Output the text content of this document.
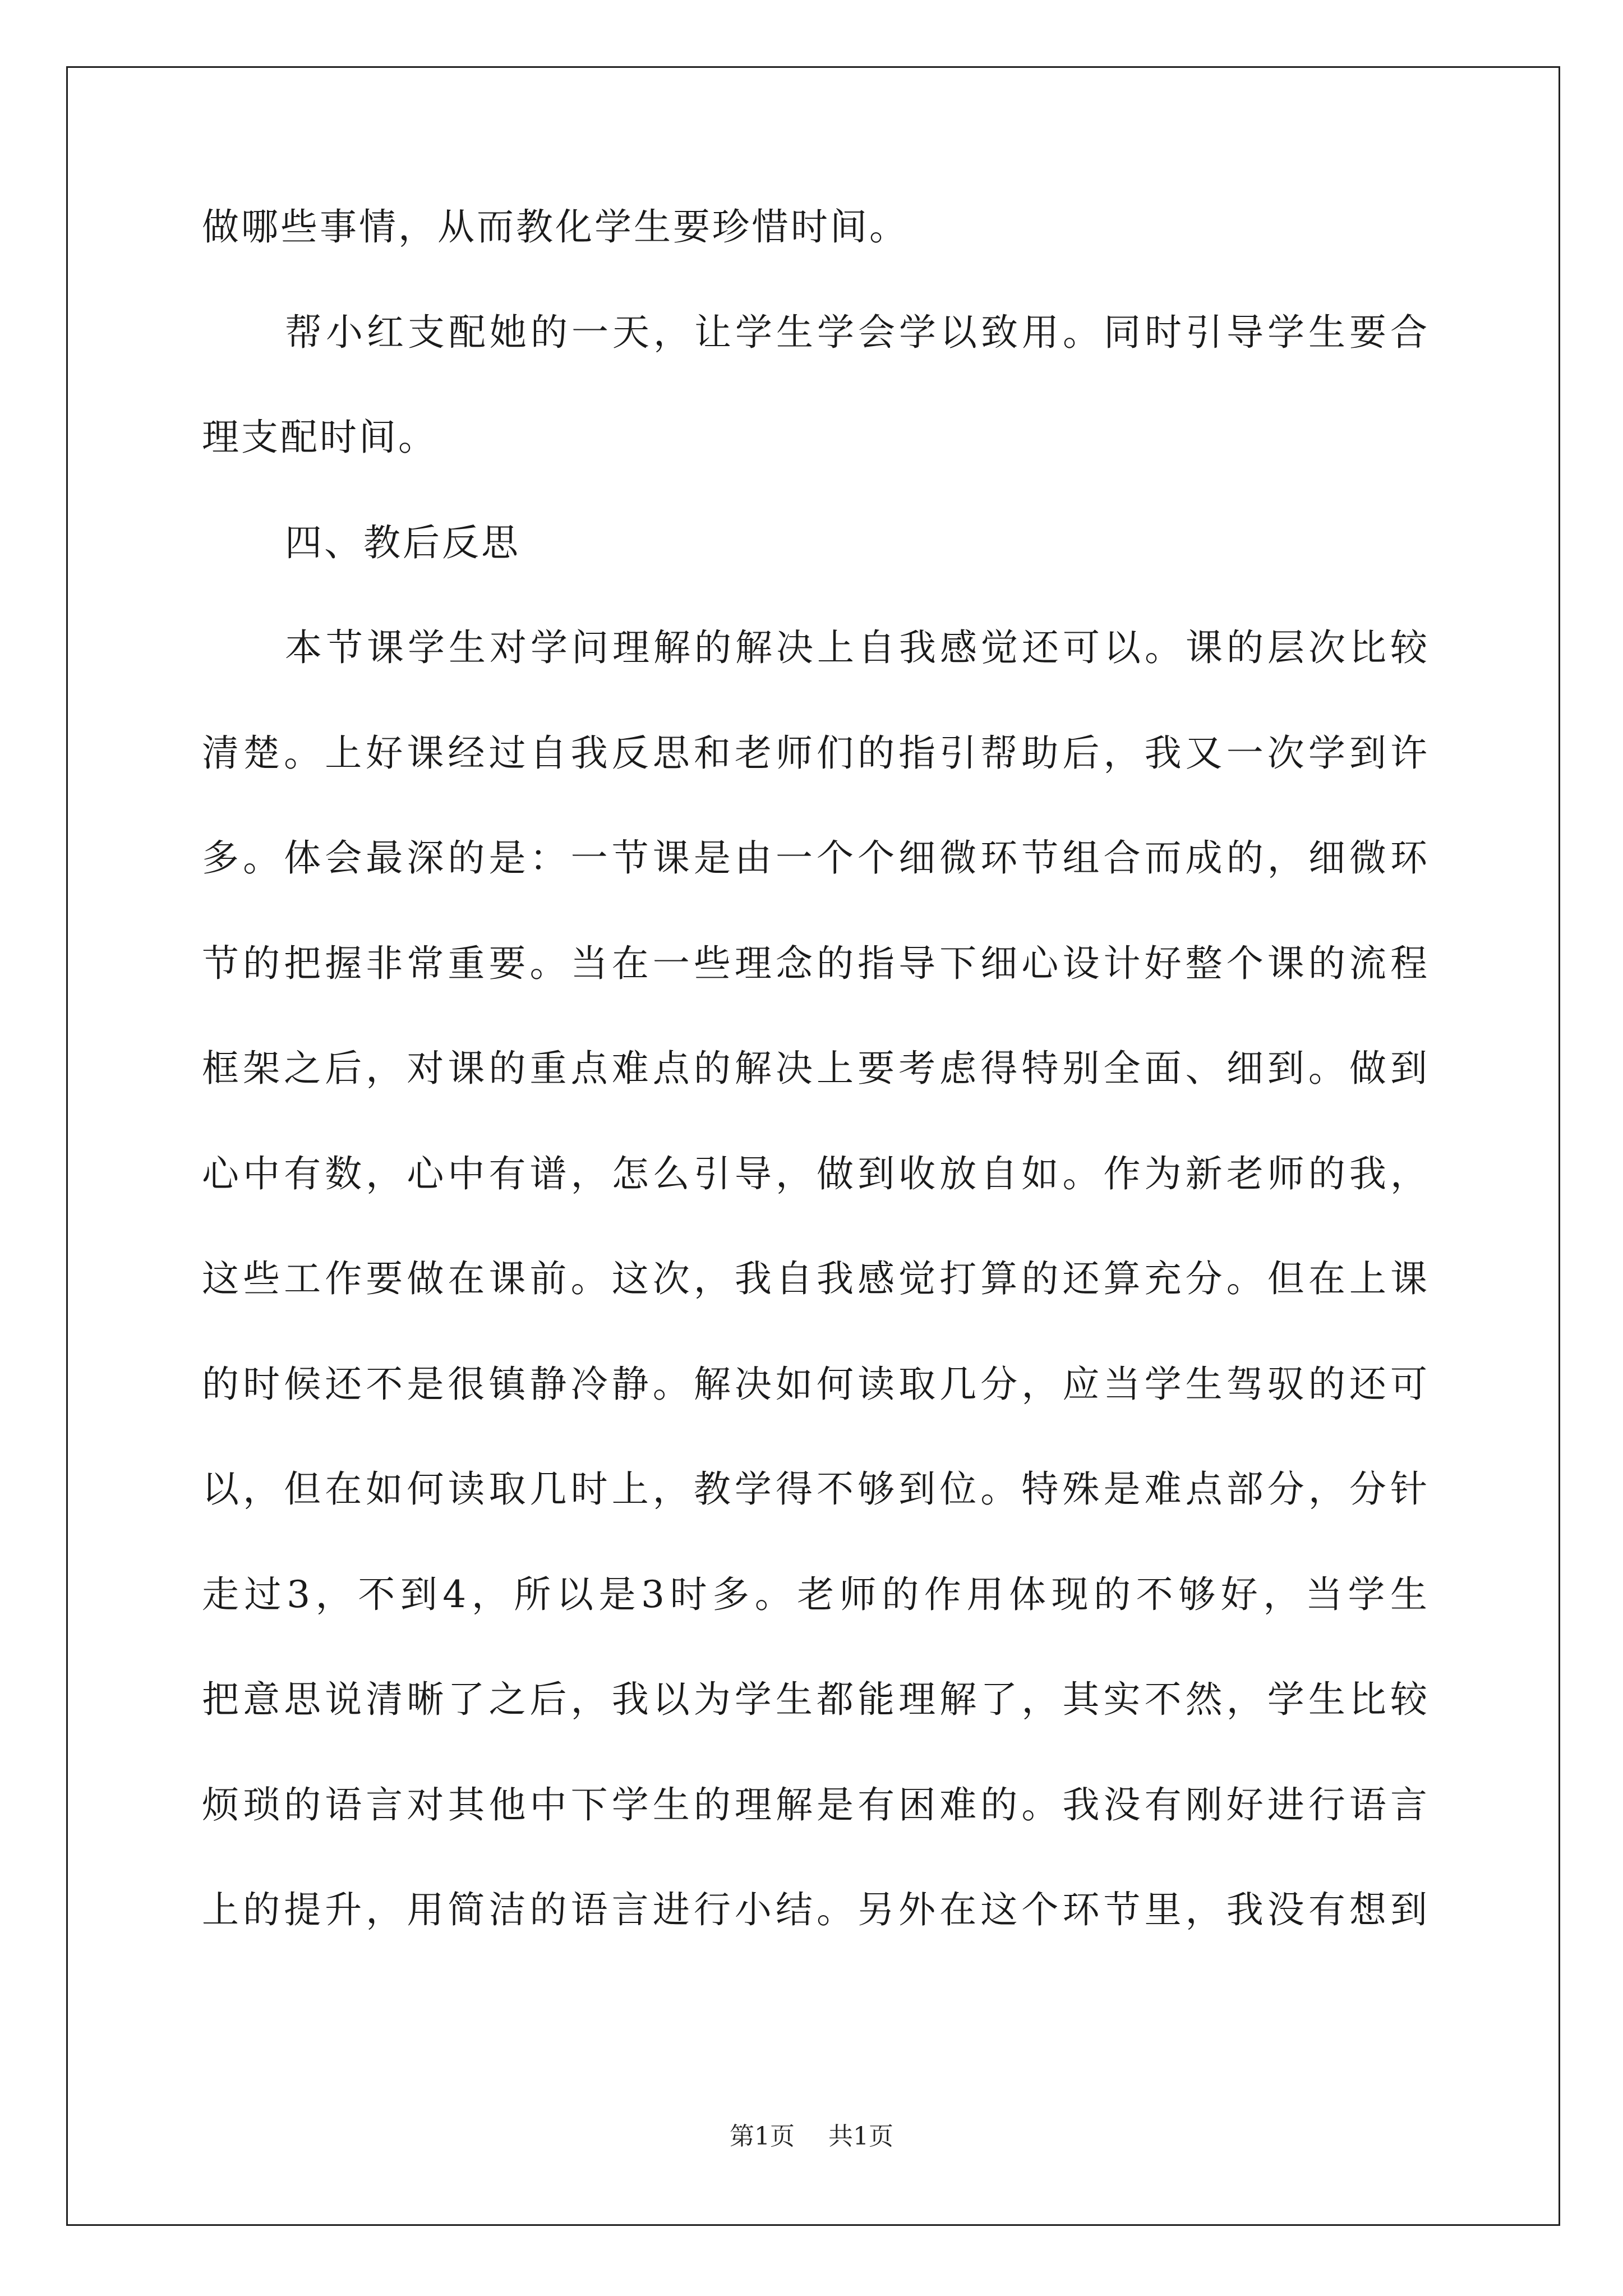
做哪些事情，从而教化学生要珍惜时间。
帮小红支配她的一天，让学生学会学以致用。同时引导学生要合
理支配时间。
四、教后反思
本节课学生对学问理解的解决上自我感觉还可以。课的层次比较
清楚。上好课经过自我反思和老师们的指引帮助后，我又一次学到许
多。体会最深的是：一节课是由一个个细微环节组合而成的，细微环
节的把握非常重要。当在一些理念的指导下细心设计好整个课的流程
框架之后，对课的重点难点的解决上要考虑得特别全面、细到。做到
心中有数，心中有谱，怎么引导，做到收放自如。作为新老师的我，
这些工作要做在课前。这次，我自我感觉打算的还算充分。但在上课
的时候还不是很镇静冷静。解决如何读取几分，应当学生驾驭的还可
以，但在如何读取几时上，教学得不够到位。特殊是难点部分，分针
走过3，不到4，所以是3时多。老师的作用体现的不够好，当学生
把意思说清晰了之后，我以为学生都能理解了，其实不然，学生比较
烦琐的语言对其他中下学生的理解是有困难的。我没有刚好进行语言
上的提升，用简洁的语言进行小结。另外在这个环节里，我没有想到
第1页 共1页
